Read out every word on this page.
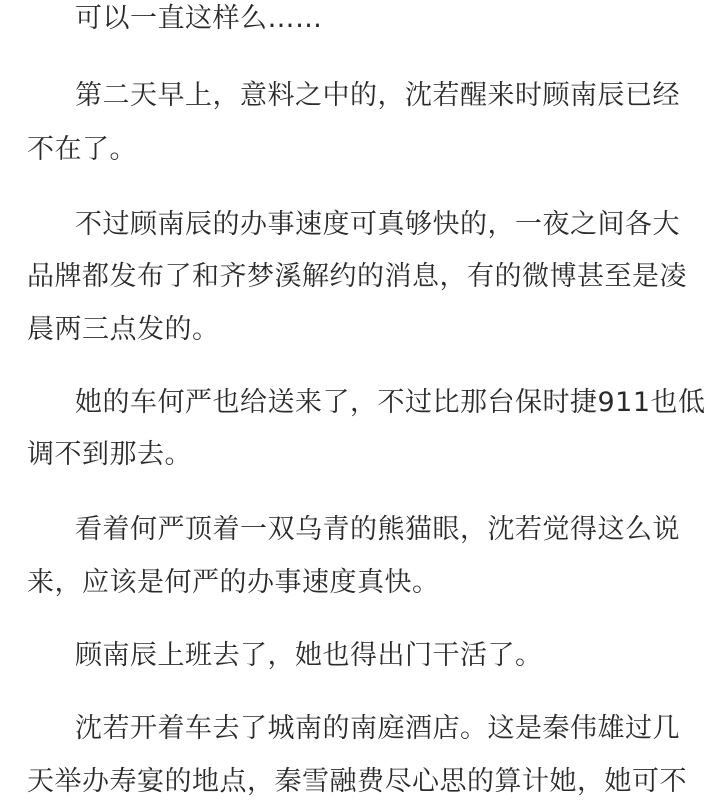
可以一直这样么……
第二天早上，意料之中的，沈若醒来时顾南辰已经
不在了。
不过顾南辰的办事速度可真够快的，一夜之间各大
品牌都发布了和齐梦溪解约的消息，有的微博甚至是凌
晨两三点发的。
她的车何严也给送来了，不过比那台保时捷911也低
调不到那去。
看着何严顶着一双乌青的熊猫眼，沈若觉得这么说
来，应该是何严的办事速度真快。
顾南辰上班去了，她也得出门干活了。
沈若开着车去了城南的南庭酒店。这是秦伟雄过几
天举办寿宴的地点，秦雪融费尽心思的算计她，她可不
